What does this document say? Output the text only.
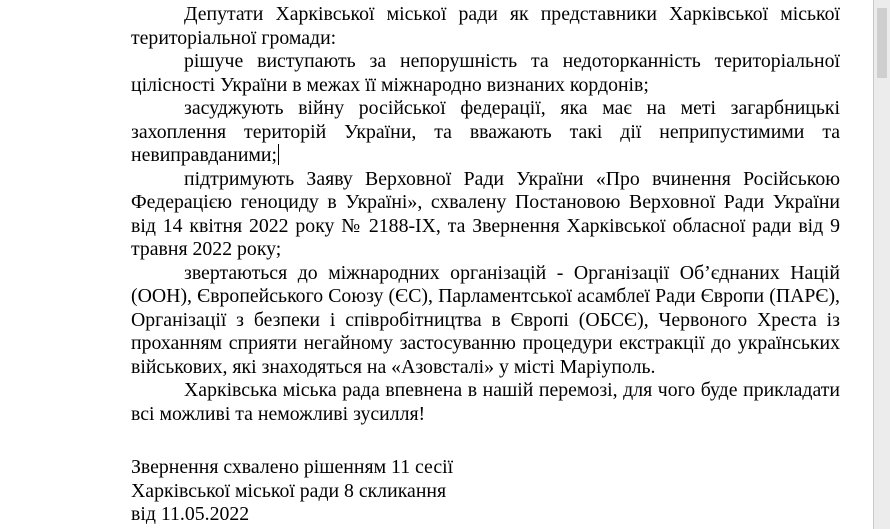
Депутати Харківської міської ради як представники Харківської міської територіальної громади:

рішуче виступають за непорушність та недоторканність територіальної цілісності України в межах її міжнародно визнаних кордонів;

засуджують війну російської федерації, яка має на меті загарбницькі захоплення територій України, та вважають такі дії неприпустимими та невиправданими;

підтримують Заяву Верховної Ради України «Про вчинення Російською Федерацією геноциду в Україні», схвалену Постановою Верховної Ради України від 14 квітня 2022 року № 2188-IX, та Звернення Харківської обласної ради від 9 травня 2022 року;

звертаються до міжнародних організацій - Організації Об’єднаних Націй (ООН), Європейського Союзу (ЄС), Парламентської асамблеї Ради Європи (ПАРЄ), Організації з безпеки і співробітництва в Європі (ОБСЄ), Червоного Хреста із проханням сприяти негайному застосуванню процедури екстракції до українських військових, які знаходяться на «Азовсталі» у місті Маріуполь.

Харківська міська рада впевнена в нашій перемозі, для чого буде прикладати всі можливі та неможливі зусилля!

Звернення схвалено рішенням 11 сесії
Харківської міської ради 8 скликання
від 11.05.2022
